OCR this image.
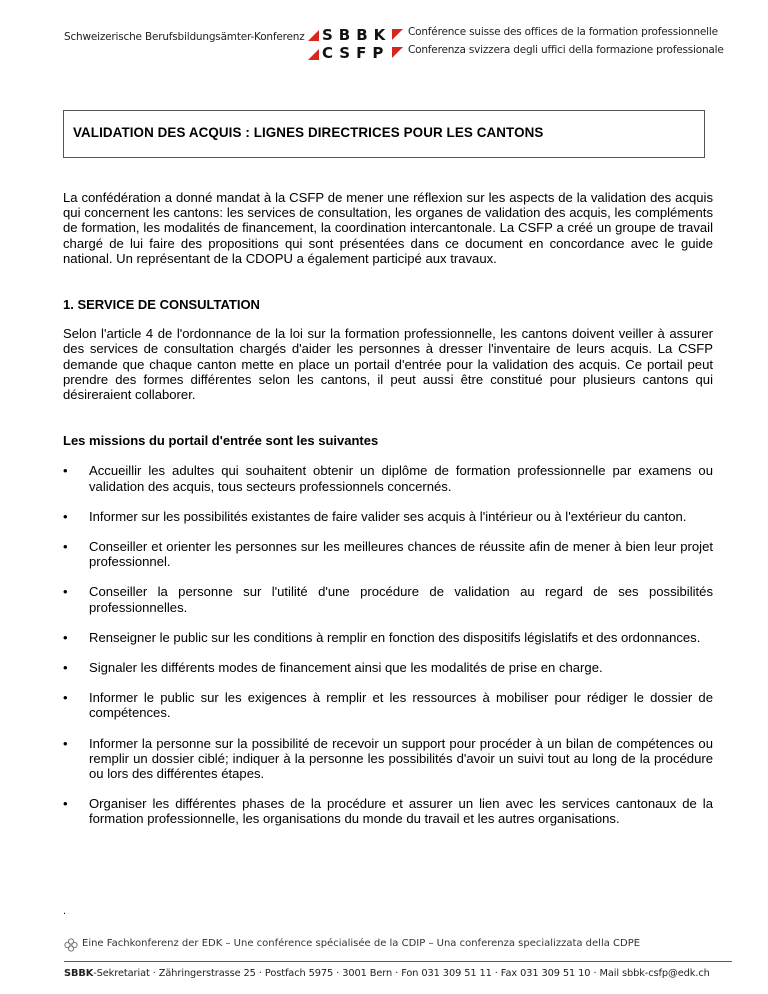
Schweizerische Berufsbildungsämter-Konferenz SBBK
CSFP
Conférence suisse des offices de la formation professionnelle
Conferenza svizzera degli uffici della formazione professionale
VALIDATION DES ACQUIS : LIGNES DIRECTRICES POUR LES CANTONS

La confédération a donné mandat à la CSFP de mener une réflexion sur les aspects de la validation des acquis qui concernent les cantons: les services de consultation, les organes de validation des acquis, les compléments de formation, les modalités de financement, la coordination intercantonale. La CSFP a créé un groupe de travail chargé de lui faire des propositions qui sont présentées dans ce document en concordance avec le guide national. Un représentant de la CDOPU a également participé aux travaux.

1. SERVICE DE CONSULTATION

Selon l'article 4 de l'ordonnance de la loi sur la formation professionnelle, les cantons doivent veiller à assurer des services de consultation chargés d'aider les personnes à dresser l'inventaire de leurs acquis. La CSFP demande que chaque canton mette en place un portail d'entrée pour la validation des acquis. Ce portail peut prendre des formes différentes selon les cantons, il peut aussi être constitué pour plusieurs cantons qui désireraient collaborer.

Les missions du portail d'entrée sont les suivantes

• Accueillir les adultes qui souhaitent obtenir un diplôme de formation professionnelle par examens ou validation des acquis, tous secteurs professionnels concernés.
• Informer sur les possibilités existantes de faire valider ses acquis à l'intérieur ou à l'extérieur du canton.
• Conseiller et orienter les personnes sur les meilleures chances de réussite afin de mener à bien leur projet professionnel.
• Conseiller la personne sur l'utilité d'une procédure de validation au regard de ses possibilités professionnelles.
• Renseigner le public sur les conditions à remplir en fonction des dispositifs législatifs et des ordonnances.
• Signaler les différents modes de financement ainsi que les modalités de prise en charge.
• Informer le public sur les exigences à remplir et les ressources à mobiliser pour rédiger le dossier de compétences.
• Informer la personne sur la possibilité de recevoir un support pour procéder à un bilan de compétences ou remplir un dossier ciblé; indiquer à la personne les possibilités d'avoir un suivi tout au long de la procédure ou lors des différentes étapes.
• Organiser les différentes phases de la procédure et assurer un lien avec les services cantonaux de la formation professionnelle, les organisations du monde du travail et les autres organisations.
.
Eine Fachkonferenz der EDK – Une conférence spécialisée de la CDIP – Una conferenza specializzata della CDPE
SBBK-Sekretariat · Zähringerstrasse 25 · Postfach 5975 · 3001 Bern · Fon 031 309 51 11 · Fax 031 309 51 10 · Mail sbbk-csfp@edk.ch
